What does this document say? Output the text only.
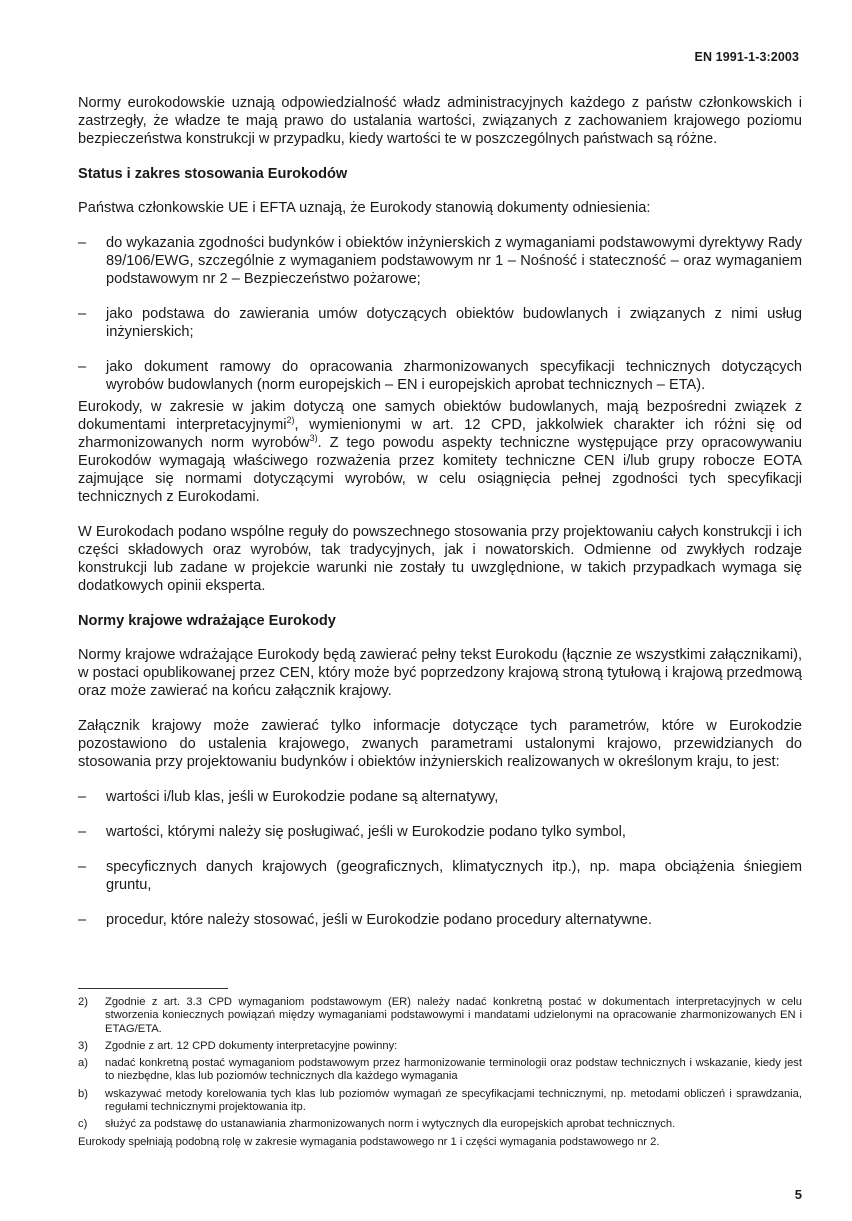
EN 1991-1-3:2003

Normy eurokodowskie uznają odpowiedzialność władz administracyjnych każdego z państw członkowskich i zastrzegły, że władze te mają prawo do ustalania wartości, związanych z zachowaniem krajowego poziomu bezpieczeństwa konstrukcji w przypadku, kiedy wartości te w poszczególnych państwach są różne.

Status i zakres stosowania Eurokodów

Państwa członkowskie UE i EFTA uznają, że Eurokody stanowią dokumenty odniesienia:

– do wykazania zgodności budynków i obiektów inżynierskich z wymaganiami podstawowymi dyrektywy Rady 89/106/EWG, szczególnie z wymaganiem podstawowym nr 1 – Nośność i stateczność – oraz wymaganiem podstawowym nr 2 – Bezpieczeństwo pożarowe;
– jako podstawa do zawierania umów dotyczących obiektów budowlanych i związanych z nimi usług inżynierskich;
– jako dokument ramowy do opracowania zharmonizowanych specyfikacji technicznych dotyczących wyrobów budowlanych (norm europejskich – EN i europejskich aprobat technicznych – ETA).

Eurokody, w zakresie w jakim dotyczą one samych obiektów budowlanych, mają bezpośredni związek z dokumentami interpretacyjnymi$^{2)}$, wymienionymi w art. 12 CPD, jakkolwiek charakter ich różni się od zharmonizowanych norm wyrobów$^{3)}$. Z tego powodu aspekty techniczne występujące przy opracowywaniu Eurokodów wymagają właściwego rozważenia przez komitety techniczne CEN i/lub grupy robocze EOTA zajmujące się normami dotyczącymi wyrobów, w celu osiągnięcia pełnej zgodności tych specyfikacji technicznych z Eurokodami.

W Eurokodach podano wspólne reguły do powszechnego stosowania przy projektowaniu całych konstrukcji i ich części składowych oraz wyrobów, tak tradycyjnych, jak i nowatorskich. Odmienne od zwykłych rodzaje konstrukcji lub zadane w projekcie warunki nie zostały tu uwzględnione, w takich przypadkach wymaga się dodatkowych opinii eksperta.

Normy krajowe wdrażające Eurokody

Normy krajowe wdrażające Eurokody będą zawierać pełny tekst Eurokodu (łącznie ze wszystkimi załącznikami), w postaci opublikowanej przez CEN, który może być poprzedzony krajową stroną tytułową i krajową przedmową oraz może zawierać na końcu załącznik krajowy.

Załącznik krajowy może zawierać tylko informacje dotyczące tych parametrów, które w Eurokodzie pozostawiono do ustalenia krajowego, zwanych parametrami ustalonymi krajowo, przewidzianych do stosowania przy projektowaniu budynków i obiektów inżynierskich realizowanych w określonym kraju, to jest:

– wartości i/lub klas, jeśli w Eurokodzie podane są alternatywy,
– wartości, którymi należy się posługiwać, jeśli w Eurokodzie podano tylko symbol,
– specyficznych danych krajowych (geograficznych, klimatycznych itp.), np. mapa obciążenia śniegiem gruntu,
– procedur, które należy stosować, jeśli w Eurokodzie podano procedury alternatywne.
2) Zgodnie z art. 3.3 CPD wymaganiom podstawowym (ER) należy nadać konkretną postać w dokumentach interpretacyjnych w celu stworzenia koniecznych powiązań między wymaganiami podstawowymi i mandatami udzielonymi na opracowanie zharmonizowanych EN i ETAG/ETA.
3) Zgodnie z art. 12 CPD dokumenty interpretacyjne powinny:
a) nadać konkretną postać wymaganiom podstawowym przez harmonizowanie terminologii oraz podstaw technicznych i wskazanie, kiedy jest to niezbędne, klas lub poziomów technicznych dla każdego wymagania
b) wskazywać metody korelowania tych klas lub poziomów wymagań ze specyfikacjami technicznymi, np. metodami obliczeń i sprawdzania, regułami technicznymi projektowania itp.
c) służyć za podstawę do ustanawiania zharmonizowanych norm i wytycznych dla europejskich aprobat technicznych.

Eurokody spełniają podobną rolę w zakresie wymagania podstawowego nr 1 i części wymagania podstawowego nr 2.

5
